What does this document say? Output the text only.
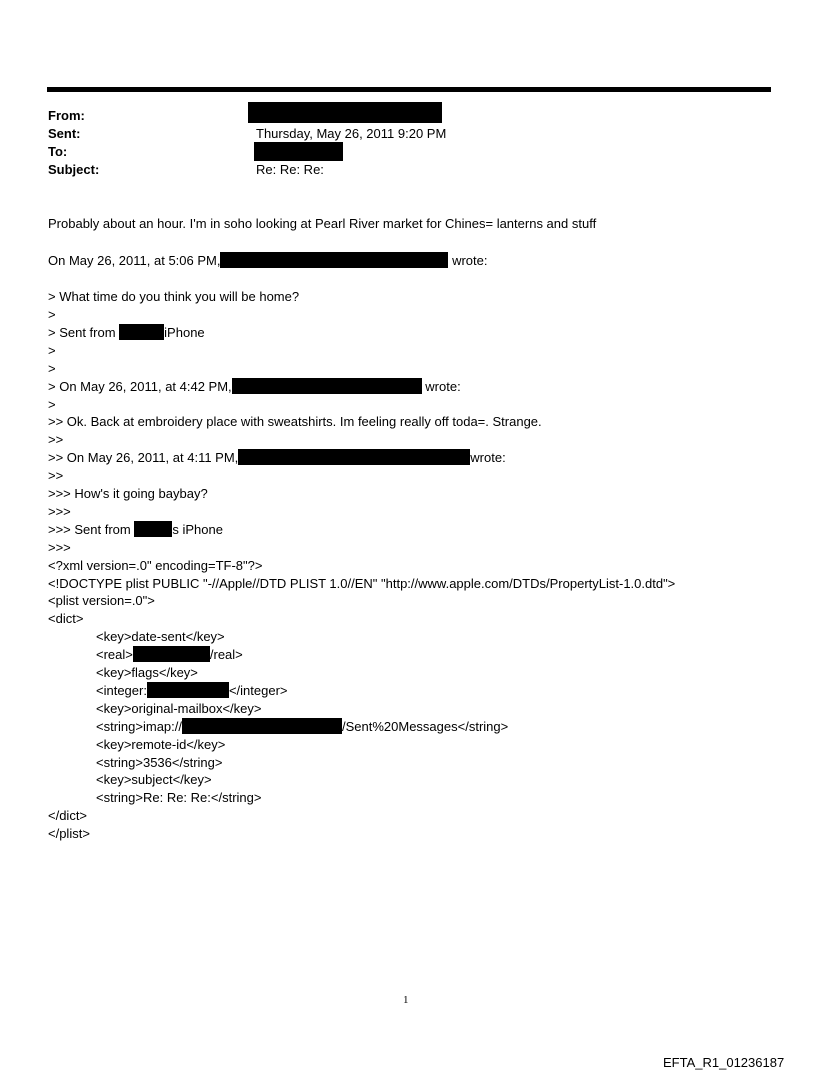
From:
Sent:	Thursday, May 26, 2011 9:20 PM
To:
Subject:	Re: Re: Re:
Probably about an hour. I'm in soho looking at Pearl River market for Chines= lanterns and stuff
On May 26, 2011, at 5:06 PM,	wrote:
> What time do you think you will be home?
>
> Sent from	iPhone
>
>
> On May 26, 2011, at 4:42 PM,	wrote:
>
>> Ok. Back at embroidery place with sweatshirts. Im feeling really off toda=. Strange.
>>
>> On May 26, 2011, at 4:11 PM,	wrote:
>>
>>> How's it going baybay?
>>>
>>> Sent from	s iPhone
>>>
<?xml version=.0" encoding=TF-8"?>
<!DOCTYPE plist PUBLIC "-//Apple//DTD PLIST 1.0//EN" "http://www.apple.com/DTDs/PropertyList-1.0.dtd">
<plist version=.0">
<dict>
<key>date-sent</key>
<real>	/real>
<key>flags</key>
<integer:	</integer>
<key>original-mailbox</key>
<string>imap://	/Sent%20Messages</string>
<key>remote-id</key>
<string>3536</string>
<key>subject</key>
<string>Re: Re: Re:</string>
</dict>
</plist>
1
EFTA_R1_01236187
